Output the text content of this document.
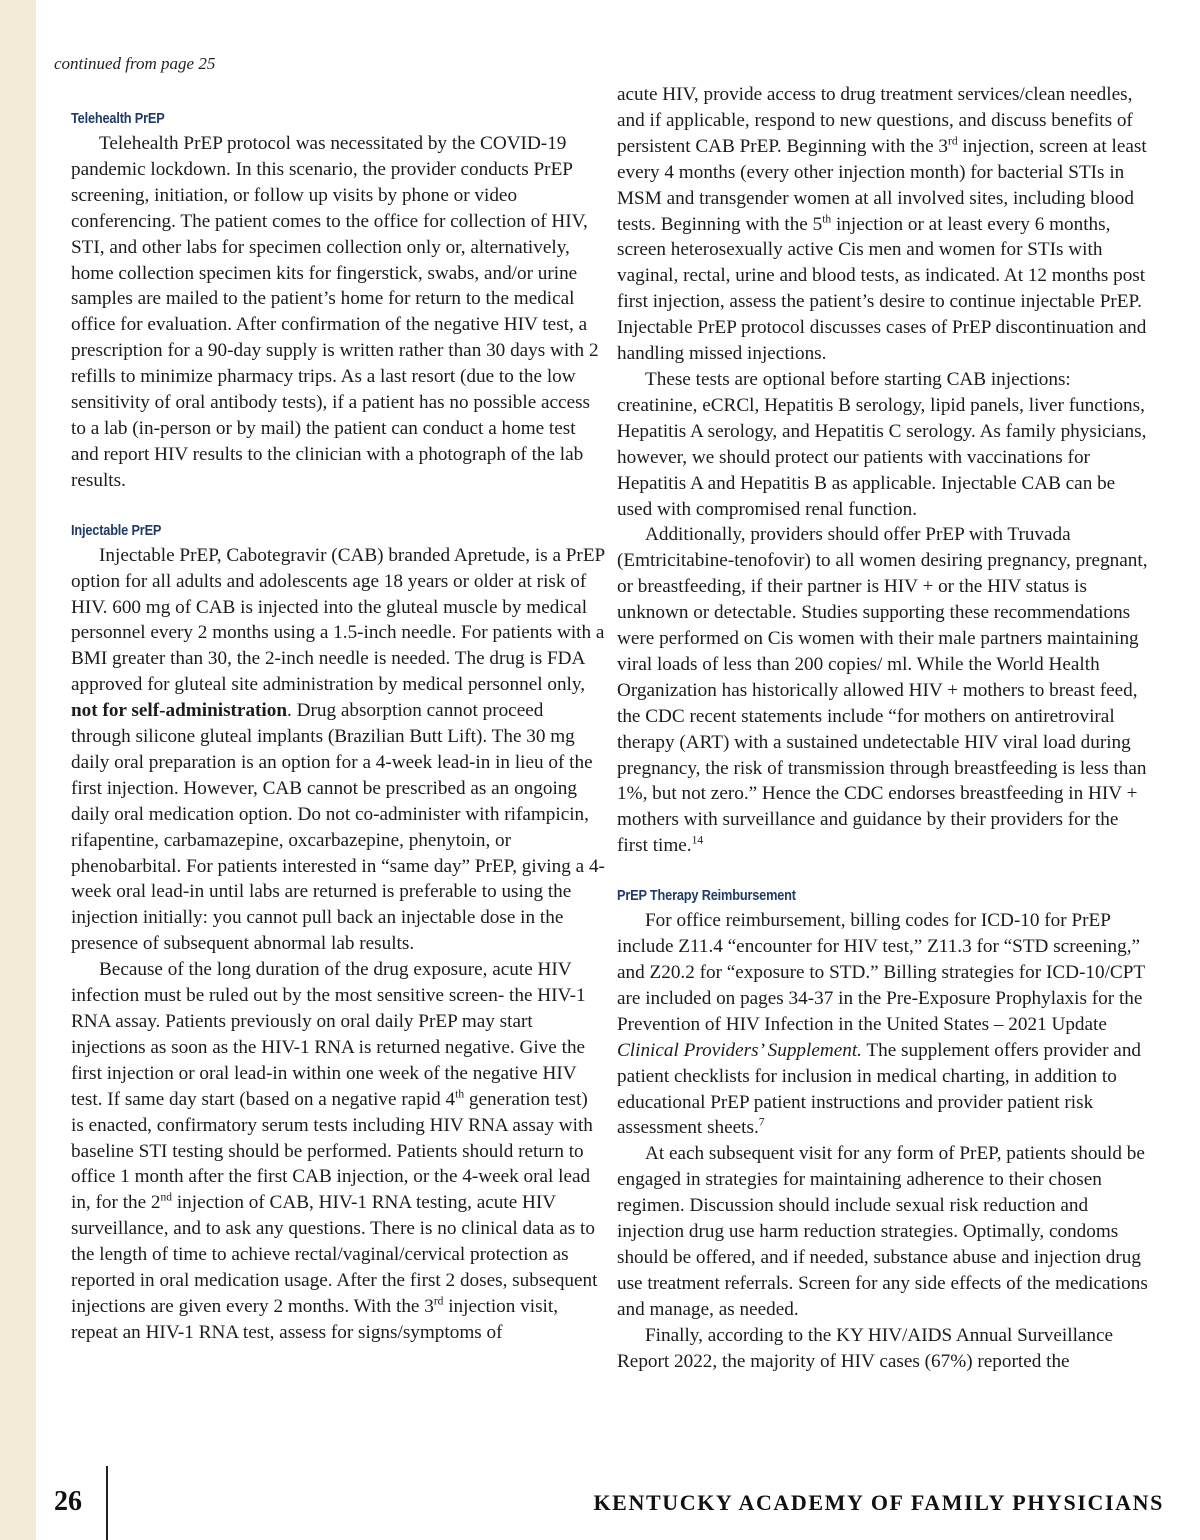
continued from page 25
Telehealth PrEP

Telehealth PrEP protocol was necessitated by the COVID-19 pandemic lockdown. In this scenario, the provider conducts PrEP screening, initiation, or follow up visits by phone or video conferencing. The patient comes to the office for collection of HIV, STI, and other labs for specimen collection only or, alternatively, home collection specimen kits for fingerstick, swabs, and/or urine samples are mailed to the patient’s home for return to the medical office for evaluation. After confirmation of the negative HIV test, a prescription for a 90-day supply is written rather than 30 days with 2 refills to minimize pharmacy trips. As a last resort (due to the low sensitivity of oral antibody tests), if a patient has no possible access to a lab (in-person or by mail) the patient can conduct a home test and report HIV results to the clinician with a photograph of the lab results.

Injectable PrEP

Injectable PrEP, Cabotegravir (CAB) branded Apretude, is a PrEP option for all adults and adolescents age 18 years or older at risk of HIV. 600 mg of CAB is injected into the gluteal muscle by medical personnel every 2 months using a 1.5-inch needle. For patients with a BMI greater than 30, the 2-inch needle is needed. The drug is FDA approved for gluteal site administration by medical personnel only, not for self-administration. Drug absorption cannot proceed through silicone gluteal implants (Brazilian Butt Lift). The 30 mg daily oral preparation is an option for a 4-week lead-in in lieu of the first injection. However, CAB cannot be prescribed as an ongoing daily oral medication option. Do not co-administer with rifampicin, rifapentine, carbamazepine, oxcarbazepine, phenytoin, or phenobarbital. For patients interested in “same day” PrEP, giving a 4-week oral lead-in until labs are returned is preferable to using the injection initially: you cannot pull back an injectable dose in the presence of subsequent abnormal lab results.

Because of the long duration of the drug exposure, acute HIV infection must be ruled out by the most sensitive screen- the HIV-1 RNA assay. Patients previously on oral daily PrEP may start injections as soon as the HIV-1 RNA is returned negative. Give the first injection or oral lead-in within one week of the negative HIV test. If same day start (based on a negative rapid 4th generation test) is enacted, confirmatory serum tests including HIV RNA assay with baseline STI testing should be performed. Patients should return to office 1 month after the first CAB injection, or the 4-week oral lead in, for the 2nd injection of CAB, HIV-1 RNA testing, acute HIV surveillance, and to ask any questions. There is no clinical data as to the length of time to achieve rectal/vaginal/cervical protection as reported in oral medication usage. After the first 2 doses, subsequent injections are given every 2 months. With the 3rd injection visit, repeat an HIV-1 RNA test, assess for signs/symptoms of

acute HIV, provide access to drug treatment services/clean needles, and if applicable, respond to new questions, and discuss benefits of persistent CAB PrEP. Beginning with the 3rd injection, screen at least every 4 months (every other injection month) for bacterial STIs in MSM and transgender women at all involved sites, including blood tests. Beginning with the 5th injection or at least every 6 months, screen heterosexually active Cis men and women for STIs with vaginal, rectal, urine and blood tests, as indicated. At 12 months post first injection, assess the patient’s desire to continue injectable PrEP. Injectable PrEP protocol discusses cases of PrEP discontinuation and handling missed injections.

These tests are optional before starting CAB injections: creatinine, eCRCl, Hepatitis B serology, lipid panels, liver functions, Hepatitis A serology, and Hepatitis C serology. As family physicians, however, we should protect our patients with vaccinations for Hepatitis A and Hepatitis B as applicable. Injectable CAB can be used with compromised renal function.

Additionally, providers should offer PrEP with Truvada (Emtricitabine-tenofovir) to all women desiring pregnancy, pregnant, or breastfeeding, if their partner is HIV + or the HIV status is unknown or detectable. Studies supporting these recommendations were performed on Cis women with their male partners maintaining viral loads of less than 200 copies/ ml. While the World Health Organization has historically allowed HIV + mothers to breast feed, the CDC recent statements include “for mothers on antiretroviral therapy (ART) with a sustained undetectable HIV viral load during pregnancy, the risk of transmission through breastfeeding is less than 1%, but not zero.” Hence the CDC endorses breastfeeding in HIV + mothers with surveillance and guidance by their providers for the first time.$^{14}$

PrEP Therapy Reimbursement

For office reimbursement, billing codes for ICD-10 for PrEP include Z11.4 “encounter for HIV test,” Z11.3 for “STD screening,” and Z20.2 for “exposure to STD.” Billing strategies for ICD-10/CPT are included on pages 34-37 in the Pre-Exposure Prophylaxis for the Prevention of HIV Infection in the United States – 2021 Update Clinical Providers’ Supplement. The supplement offers provider and patient checklists for inclusion in medical charting, in addition to educational PrEP patient instructions and provider patient risk assessment sheets.$^7$

At each subsequent visit for any form of PrEP, patients should be engaged in strategies for maintaining adherence to their chosen regimen. Discussion should include sexual risk reduction and injection drug use harm reduction strategies. Optimally, condoms should be offered, and if needed, substance abuse and injection drug use treatment referrals. Screen for any side effects of the medications and manage, as needed.

Finally, according to the KY HIV/AIDS Annual Surveillance Report 2022, the majority of HIV cases (67%) reported the

26	KENTUCKY ACADEMY OF FAMILY PHYSICIANS
